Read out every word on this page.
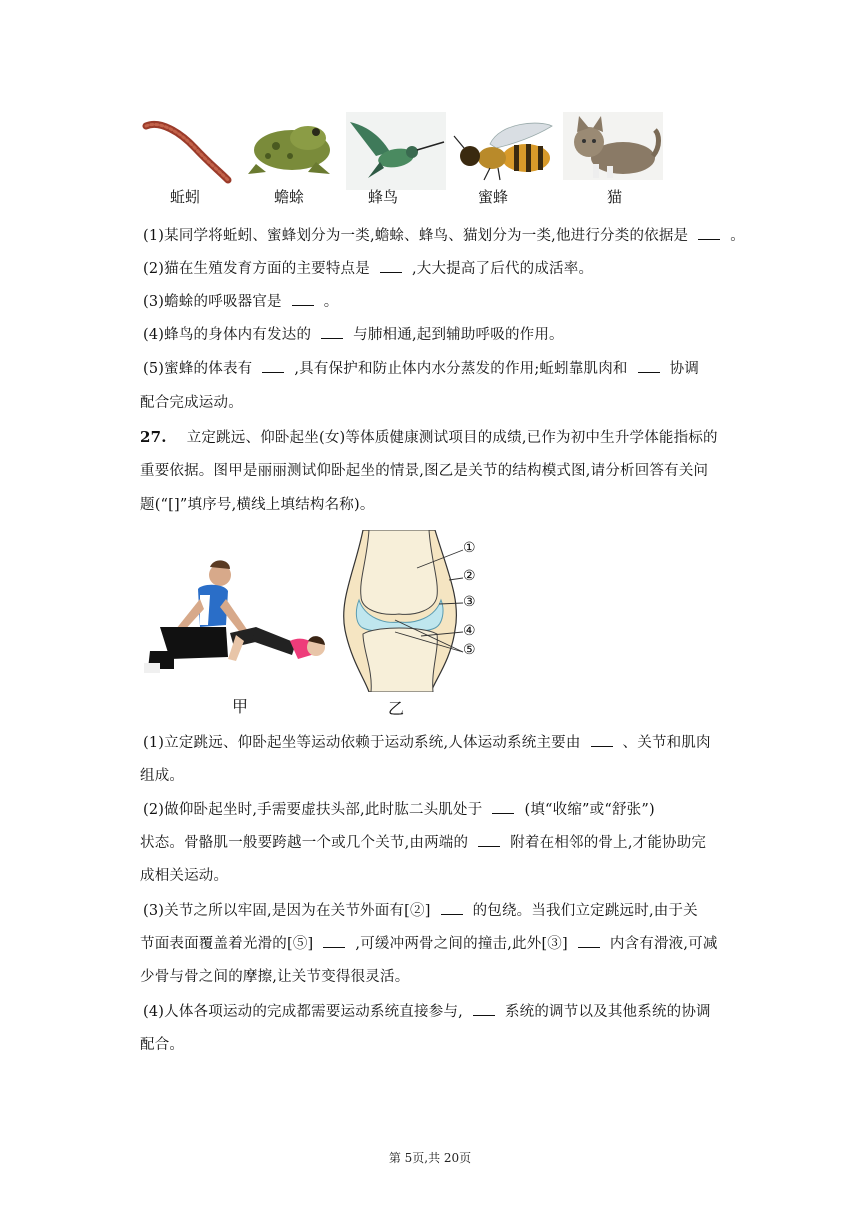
蚯蚓	蟾蜍	蜂鸟	蜜蜂	猫
(1)某同学将蚯蚓、蜜蜂划分为一类,蟾蜍、蜂鸟、猫划分为一类,他进行分类的依据是	。
(2)猫在生殖发育方面的主要特点是	,大大提高了后代的成活率。
(3)蟾蜍的呼吸器官是	。
(4)蜂鸟的身体内有发达的	与肺相通,起到辅助呼吸的作用。
(5)蜜蜂的体表有	,具有保护和防止体内水分蒸发的作用;蚯蚓靠肌肉和	协调
配合完成运动。
27. 立定跳远、仰卧起坐(女)等体质健康测试项目的成绩,已作为初中生升学体能指标的
重要依据。图甲是丽丽测试仰卧起坐的情景,图乙是关节的结构模式图,请分析回答有关问
题(“[]”填序号,横线上填结构名称)。
甲
①
②
③
④
⑤
乙
(1)立定跳远、仰卧起坐等运动依赖于运动系统,人体运动系统主要由	、关节和肌肉
组成。
(2)做仰卧起坐时,手需要虚扶头部,此时肱二头肌处于	(填“收缩”或“舒张”)
状态。骨骼肌一般要跨越一个或几个关节,由两端的	附着在相邻的骨上,才能协助完
成相关运动。
(3)关节之所以牢固,是因为在关节外面有[②]	的包绕。当我们立定跳远时,由于关
节面表面覆盖着光滑的[⑤]	,可缓冲两骨之间的撞击,此外[③]	内含有滑液,可减
少骨与骨之间的摩擦,让关节变得很灵活。
(4)人体各项运动的完成都需要运动系统直接参与,	系统的调节以及其他系统的协调
配合。
第 5页,共 20页
